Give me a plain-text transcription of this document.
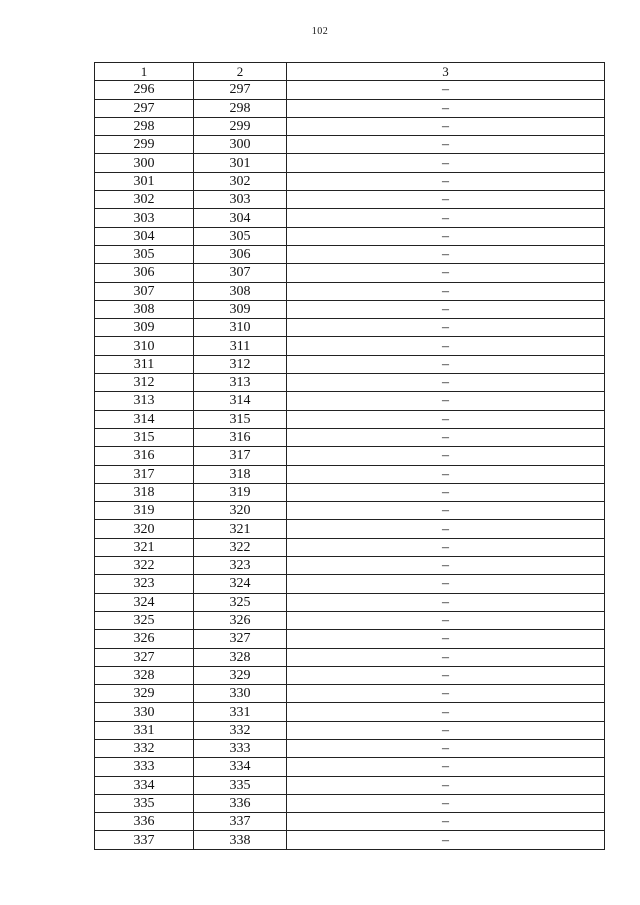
102
1	2	3
296	297	–
297	298	–
298	299	–
299	300	–
300	301	–
301	302	–
302	303	–
303	304	–
304	305	–
305	306	–
306	307	–
307	308	–
308	309	–
309	310	–
310	311	–
311	312	–
312	313	–
313	314	–
314	315	–
315	316	–
316	317	–
317	318	–
318	319	–
319	320	–
320	321	–
321	322	–
322	323	–
323	324	–
324	325	–
325	326	–
326	327	–
327	328	–
328	329	–
329	330	–
330	331	–
331	332	–
332	333	–
333	334	–
334	335	–
335	336	–
336	337	–
337	338	–
